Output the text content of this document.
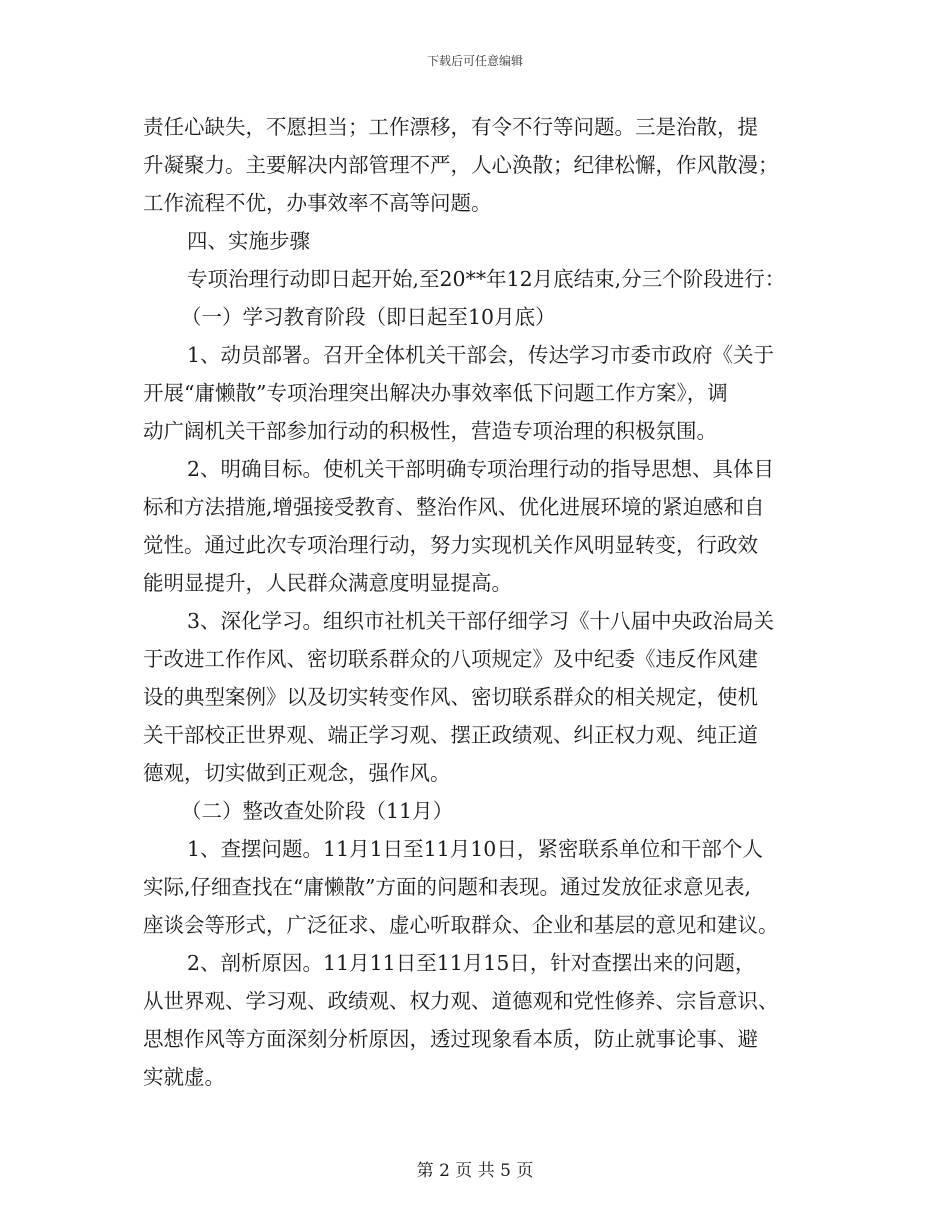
下载后可任意编辑
责任心缺失，不愿担当；工作漂移，有令不行等问题。三是治散，提
升凝聚力。主要解决内部管理不严，人心涣散；纪律松懈，作风散漫；
工作流程不优，办事效率不高等问题。
四、实施步骤
专项治理行动即日起开始,至20**年12月底结束,分三个阶段进行：
（一）学习教育阶段（即日起至10月底）
1、动员部署。召开全体机关干部会，传达学习市委市政府《关于
开展“庸懒散”专项治理突出解决办事效率低下问题工作方案》，调
动广阔机关干部参加行动的积极性，营造专项治理的积极氛围。
2、明确目标。使机关干部明确专项治理行动的指导思想、具体目
标和方法措施,增强接受教育、整治作风、优化进展环境的紧迫感和自
觉性。通过此次专项治理行动，努力实现机关作风明显转变，行政效
能明显提升，人民群众满意度明显提高。
3、深化学习。组织市社机关干部仔细学习《十八届中央政治局关
于改进工作作风、密切联系群众的八项规定》及中纪委《违反作风建
设的典型案例》以及切实转变作风、密切联系群众的相关规定，使机
关干部校正世界观、端正学习观、摆正政绩观、纠正权力观、纯正道
德观，切实做到正观念，强作风。
（二）整改查处阶段（11月）
1、查摆问题。11月1日至11月10日，紧密联系单位和干部个人
实际,仔细查找在“庸懒散”方面的问题和表现。通过发放征求意见表,
座谈会等形式，广泛征求、虚心听取群众、企业和基层的意见和建议。
2、剖析原因。11月11日至11月15日，针对查摆出来的问题，
从世界观、学习观、政绩观、权力观、道德观和党性修养、宗旨意识、
思想作风等方面深刻分析原因，透过现象看本质，防止就事论事、避
实就虚。
第 2 页 共 5 页
